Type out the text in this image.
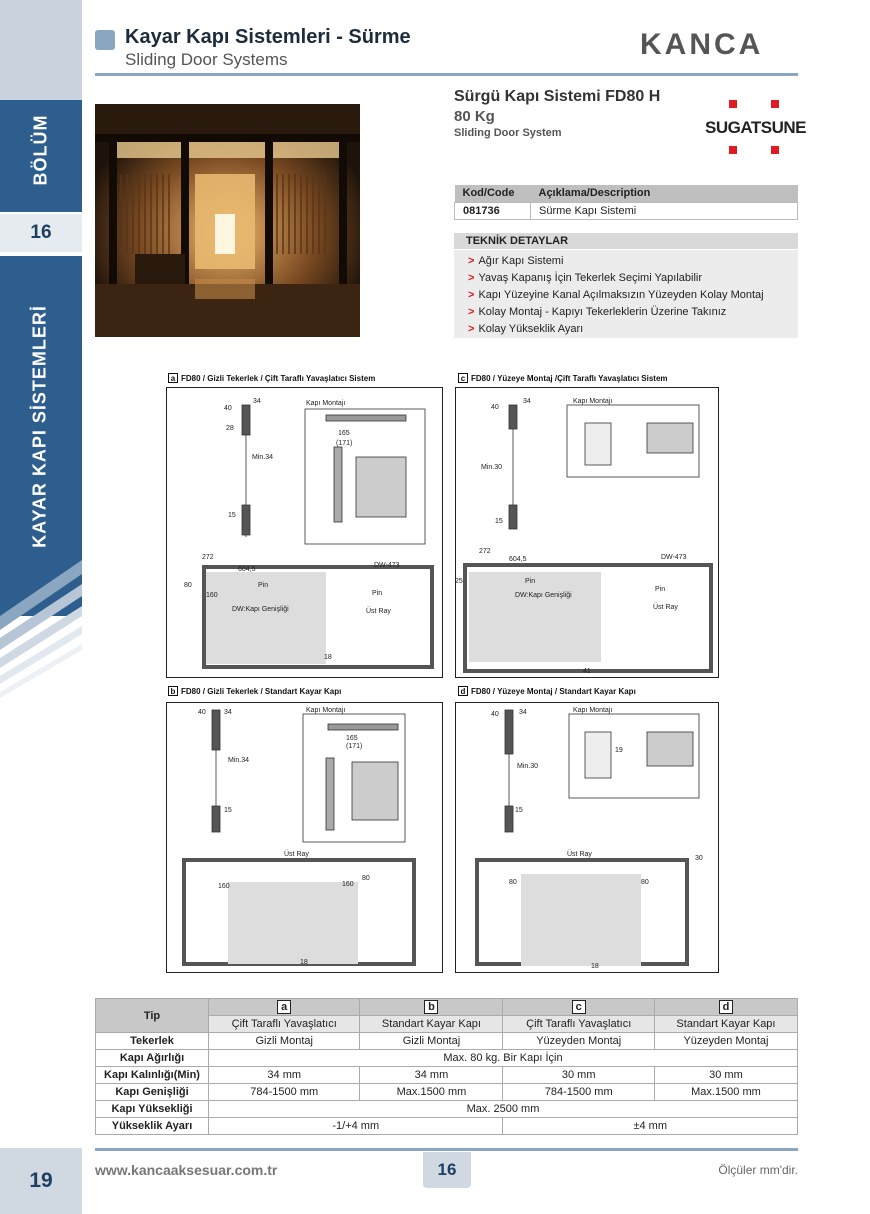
BÖLÜM
16
KAYAR KAPI SİSTEMLERİ
19
Kayar Kapı Sistemleri - Sürme
Sliding Door Systems	KANCA
Sürgü Kapı Sistemi FD80 H
80 Kg
Sliding Door System	SUGATSUNE
Kod/Code	Açıklama/Description
081736	Sürme Kapı Sistemi
TEKNİK DETAYLAR
> Ağır Kapı Sistemi
> Yavaş Kapanış İçin Tekerlek Seçimi Yapılabilir
> Kapı Yüzeyine Kanal Açılmaksızın Yüzeyden Kolay Montaj
> Kolay Montaj - Kapıyı Tekerleklerin Üzerine Takınız
> Kolay Yükseklik Ayarı
a FD80 / Gizli Tekerlek / Çift Taraflı Yavaşlatıcı Sistem	c FD80 / Yüzeye Montaj /Çift Taraflı Yavaşlatıcı Sistem
b FD80 / Gizli Tekerlek / Standart Kayar Kapı	d FD80 / Yüzeye Montaj / Standart Kayar Kapı
40
34
28
Min.34
15
Kapı Montajı
165
(171)
272
604,5
DW-473
Pin
Pin
80
160
DW:Kapı Genişliği	Üst Ray
18
40
34	Kapı Montajı
Min.30
15
272
604,5	DW-473
Pin
Pin
25
DW:Kapı Genişliği
Üst Ray
41
40	34
Min.34
15
Kapı Montajı
165
(171)
Üst Ray
160	160
80
18
40	34	Kapı Montajı
Min.30
19
15
Üst Ray
30
80	80
18
Tip	a	b	c	d
	Çift Taraflı Yavaşlatıcı	Standart Kayar Kapı	Çift Taraflı Yavaşlatıcı	Standart Kayar Kapı
Tekerlek	Gizli Montaj	Gizli Montaj	Yüzeyden Montaj	Yüzeyden Montaj
Kapı Ağırlığı	Max. 80 kg. Bir Kapı İçin			
Kapı Kalınlığı(Min)	34 mm	34 mm	30 mm	30 mm
Kapı Genişliği	784-1500 mm	Max.1500 mm	784-1500 mm	Max.1500 mm
Kapı Yüksekliği	Max. 2500 mm			
Yükseklik Ayarı	-1/+4 mm		±4 mm	
www.kancaaksesuar.com.tr	16	Ölçüler mm'dir.
